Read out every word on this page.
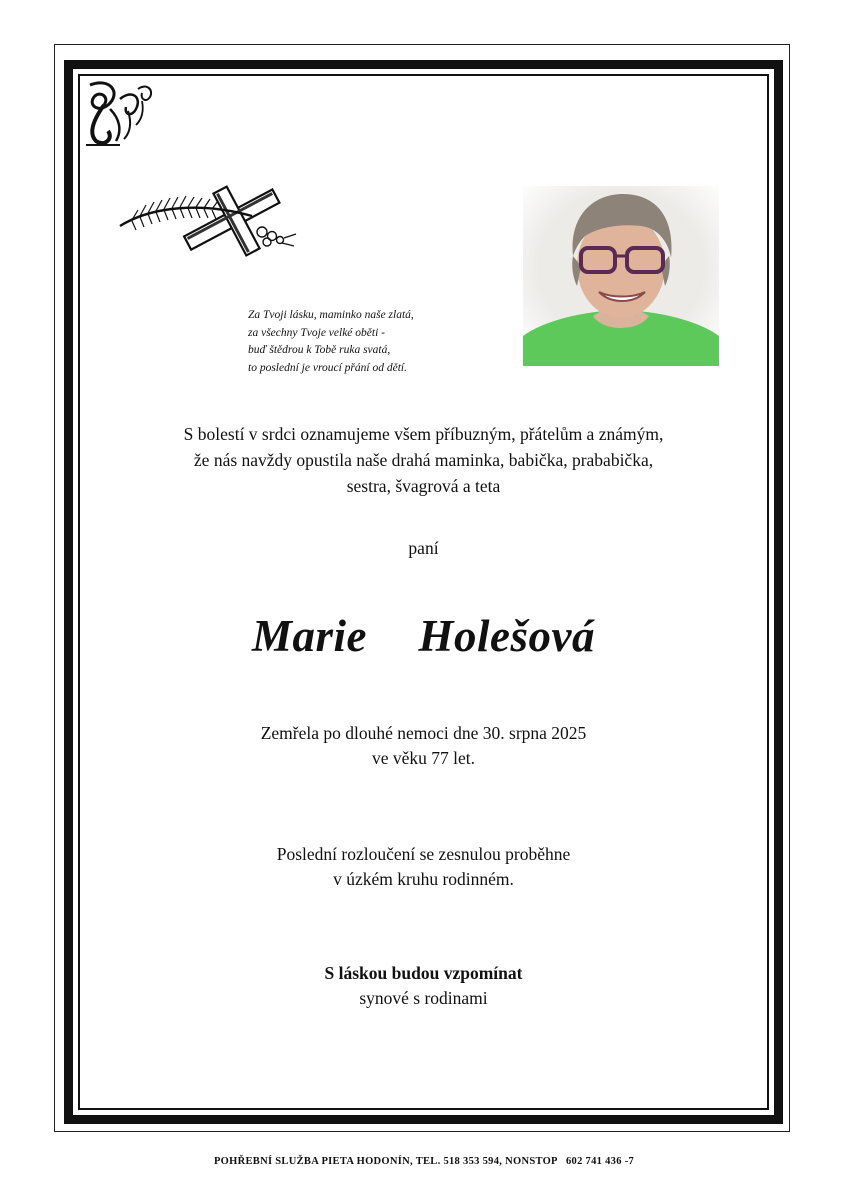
Za Tvoji lásku, maminko naše zlatá,
za všechny Tvoje velké oběti -
buď štědrou k Tobě ruka svatá,
to poslední je vroucí přání od dětí.
S bolestí v srdci oznamujeme všem příbuzným, přátelům a známým,
že nás navždy opustila naše drahá maminka, babička, prababička,
sestra, švagrová a teta
paní
Marie  Holešová
Zemřela po dlouhé nemoci dne 30. srpna 2025
ve věku 77 let.
Poslední rozloučení se zesnulou proběhne
v úzkém kruhu rodinném.
S láskou budou vzpomínat
synové s rodinami
POHŘEBNÍ SLUŽBA PIETA HODONÍN, TEL. 518 353 594, NONSTOP   602 741 436 -7
